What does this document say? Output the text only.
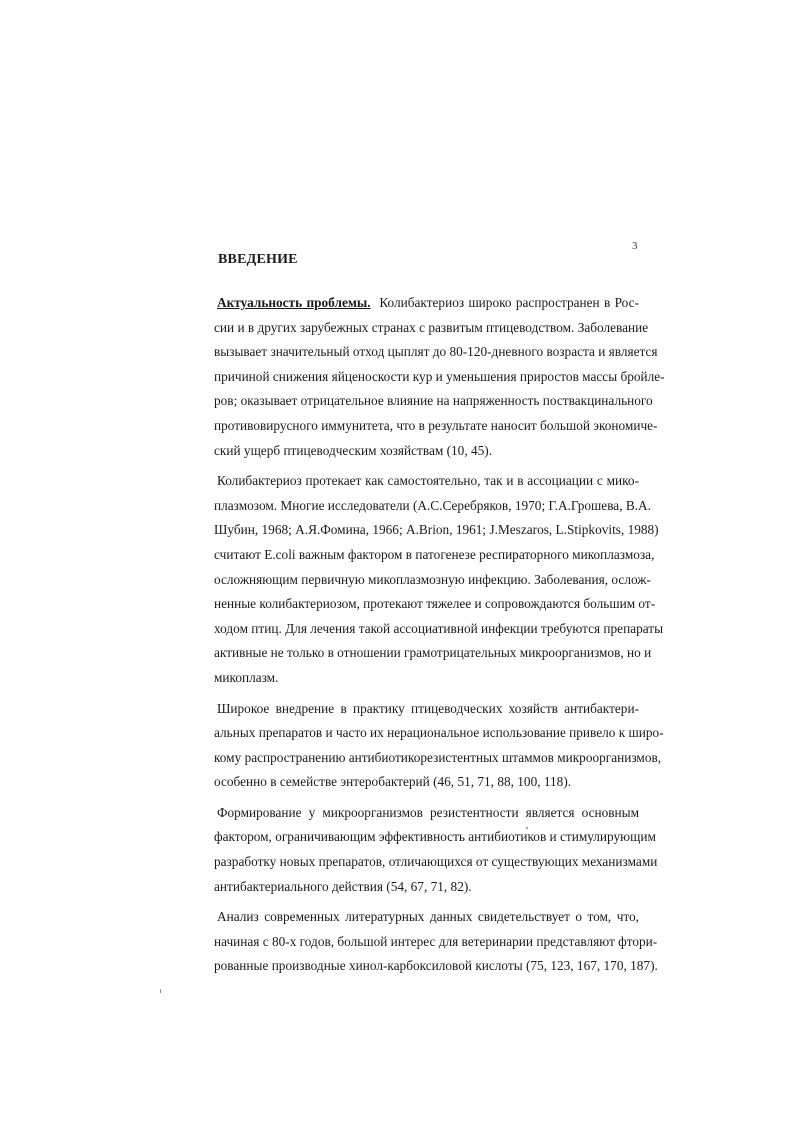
3
ВВЕДЕНИЕ
Актуальность проблемы. Колибактериоз широко распространен в Рос-
сии и в других зарубежных странах с развитым птицеводством. Заболевание
вызывает значительный отход цыплят до 80-120-дневного возраста и является
причиной снижения яйценоскости кур и уменьшения приростов массы бройле-
ров; оказывает отрицательное влияние на напряженность поствакцинального
противовирусного иммунитета, что в результате наносит большой экономиче-
ский ущерб птицеводческим хозяйствам (10, 45).
Колибактериоз протекает как самостоятельно, так и в ассоциации с мико-
плазмозом. Многие исследователи (А.С.Серебряков, 1970; Г.А.Грошева, В.А.
Шубин, 1968; А.Я.Фомина, 1966; A.Brion, 1961; J.Meszaros, L.Stipkovits, 1988)
считают E.coli важным фактором в патогенезе респираторного микоплазмоза,
осложняющим первичную микоплазмозную инфекцию. Заболевания, ослож-
ненные колибактериозом, протекают тяжелее и сопровождаются большим от-
ходом птиц. Для лечения такой ассоциативной инфекции требуются препараты
активные не только в отношении грамотрицательных микроорганизмов, но и
микоплазм.
Широкое внедрение в практику птицеводческих хозяйств антибактери-
альных препаратов и часто их нерациональное использование привело к широ-
кому распространению антибиотикорезистентных штаммов микроорганизмов,
особенно в семействе энтеробактерий (46, 51, 71, 88, 100, 118).
Формирование у микроорганизмов резистентности является основным
фактором, ограничивающим эффективность антибиотиков и стимулирующим
разработку новых препаратов, отличающихся от существующих механизмами
антибактериального действия (54, 67, 71, 82).
Анализ современных литературных данных свидетельствует о том, что,
начиная с 80-х годов, большой интерес для ветеринарии представляют фтори-
рованные производные хинол-карбоксиловой кислоты (75, 123, 167, 170, 187).
